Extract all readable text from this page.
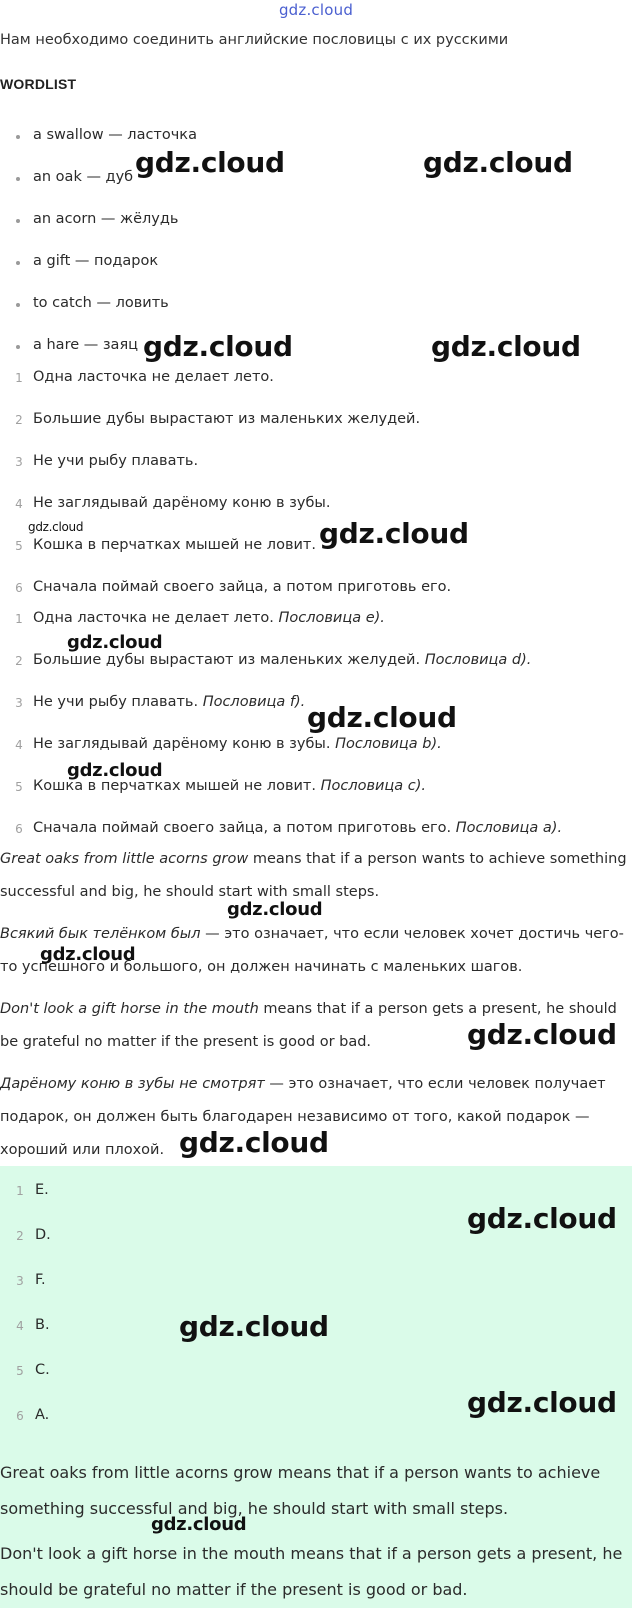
gdz.cloud
Нам необходимо соединить английские пословицы с их русскими
WORDLIST
a swallow — ласточка
an oak — дуб
an acorn — жёлудь
a gift — подарок
to catch — ловить
a hare — заяц
1 Одна ласточка не делает лето.
2 Большие дубы вырастают из маленьких желудей.
3 Не учи рыбу плавать.
4 Не заглядывай дарёному коню в зубы.
5 Кошка в перчатках мышей не ловит.
6 Сначала поймай своего зайца, а потом приготовь его.
1 Одна ласточка не делает лето. Пословица e).
2 Большие дубы вырастают из маленьких желудей. Пословица d).
3 Не учи рыбу плавать. Пословица f).
4 Не заглядывай дарёному коню в зубы. Пословица b).
5 Кошка в перчатках мышей не ловит. Пословица c).
6 Сначала поймай своего зайца, а потом приготовь его. Пословица a).
Great oaks from little acorns grow means that if a person wants to achieve something successful and big, he should start with small steps.
Всякий бык телёнком был — это означает, что если человек хочет достичь чего-то успешного и большого, он должен начинать с маленьких шагов.
Don't look a gift horse in the mouth means that if a person gets a present, he should be grateful no matter if the present is good or bad.
Дарёному коню в зубы не смотрят — это означает, что если человек получает подарок, он должен быть благодарен независимо от того, какой подарок — хороший или плохой.
1 E.
2 D.
3 F.
4 B.
5 C.
6 A.
Great oaks from little acorns grow means that if a person wants to achieve something successful and big, he should start with small steps.
Don't look a gift horse in the mouth means that if a person gets a present, he should be grateful no matter if the present is good or bad.
gdz.cloud	gdz.cloud
gdz.cloud	gdz.cloud
gdz.cloud	gdz.cloud
gdz.cloud
gdz.cloud
gdz.cloud
gdz.cloud
gdz.cloud
gdz.cloud
gdz.cloud
gdz.cloud
gdz.cloud
gdz.cloud
gdz.cloud
